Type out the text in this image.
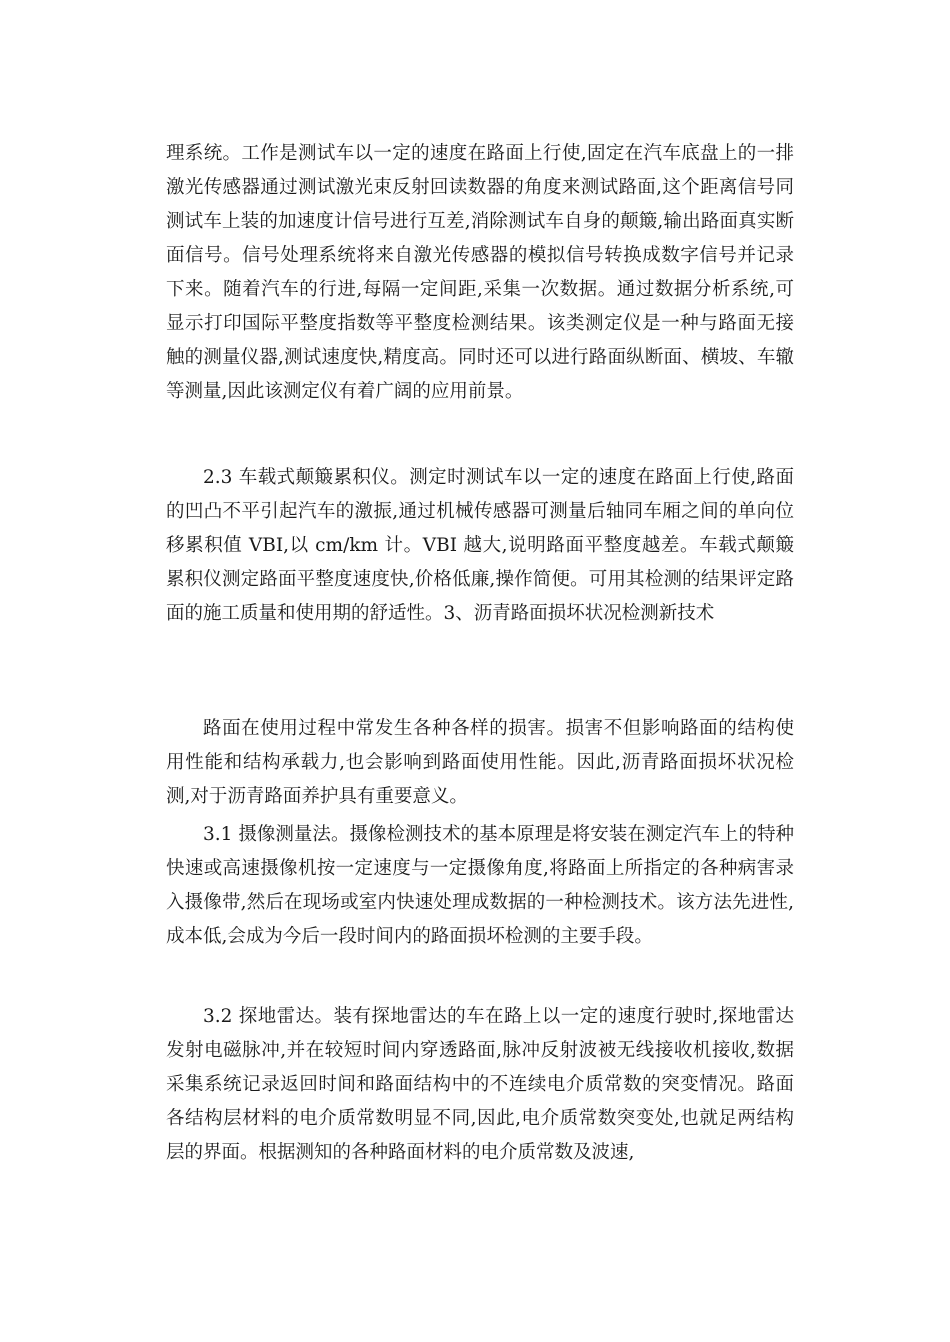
理系统。工作是测试车以一定的速度在路面上行使,固定在汽车底盘上的一排激光传感器通过测试激光束反射回读数器的角度来测试路面,这个距离信号同测试车上装的加速度计信号进行互差,消除测试车自身的颠簸,输出路面真实断面信号。信号处理系统将来自激光传感器的模拟信号转换成数字信号并记录下来。随着汽车的行进,每隔一定间距,采集一次数据。通过数据分析系统,可显示打印国际平整度指数等平整度检测结果。该类测定仪是一种与路面无接触的测量仪器,测试速度快,精度高。同时还可以进行路面纵断面、横坡、车辙等测量,因此该测定仪有着广阔的应用前景。
2.3 车载式颠簸累积仪。测定时测试车以一定的速度在路面上行使,路面的凹凸不平引起汽车的激振,通过机械传感器可测量后轴同车厢之间的单向位移累积值 VBI,以 cm/km 计。VBI 越大,说明路面平整度越差。车载式颠簸累积仪测定路面平整度速度快,价格低廉,操作简便。可用其检测的结果评定路面的施工质量和使用期的舒适性。3、沥青路面损坏状况检测新技术
路面在使用过程中常发生各种各样的损害。损害不但影响路面的结构使用性能和结构承载力,也会影响到路面使用性能。因此,沥青路面损坏状况检测,对于沥青路面养护具有重要意义。
3.1 摄像测量法。摄像检测技术的基本原理是将安装在测定汽车上的特种快速或高速摄像机按一定速度与一定摄像角度,将路面上所指定的各种病害录入摄像带,然后在现场或室内快速处理成数据的一种检测技术。该方法先进性,成本低,会成为今后一段时间内的路面损坏检测的主要手段。
3.2 探地雷达。装有探地雷达的车在路上以一定的速度行驶时,探地雷达发射电磁脉冲,并在较短时间内穿透路面,脉冲反射波被无线接收机接收,数据采集系统记录返回时间和路面结构中的不连续电介质常数的突变情况。路面各结构层材料的电介质常数明显不同,因此,电介质常数突变处,也就足两结构层的界面。根据测知的各种路面材料的电介质常数及波速,
